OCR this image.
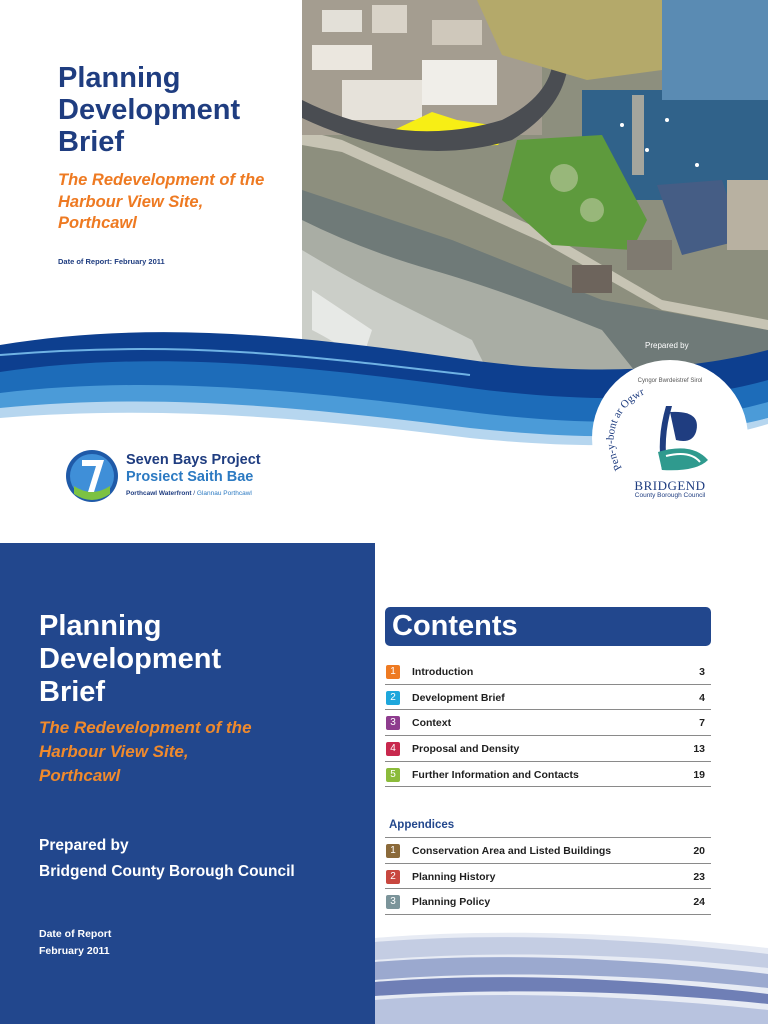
Planning
Development
Brief
The Redevelopment of the
Harbour View Site,
Porthcawl
Date of Report: February 2011
Prepared by
7
Seven Bays Project
Prosiect Saith Bae
Porthcawl Waterfront / Glannau Porthcawl
Pen-y-bont ar Ogwr
Cyngor Bwrdeistref Sirol
BRIDGEND
County Borough Council
Planning
Development
Brief
The Redevelopment of the
Harbour View Site,
Porthcawl
Prepared by
Bridgend County Borough Council
Date of Report
February 2011
Contents
1	Introduction	3
2	Development Brief	4
3	Context	7
4	Proposal and Density	13
5	Further Information and Contacts	19
Appendices
1	Conservation Area and Listed Buildings	20
2	Planning History	23
3	Planning Policy	24
